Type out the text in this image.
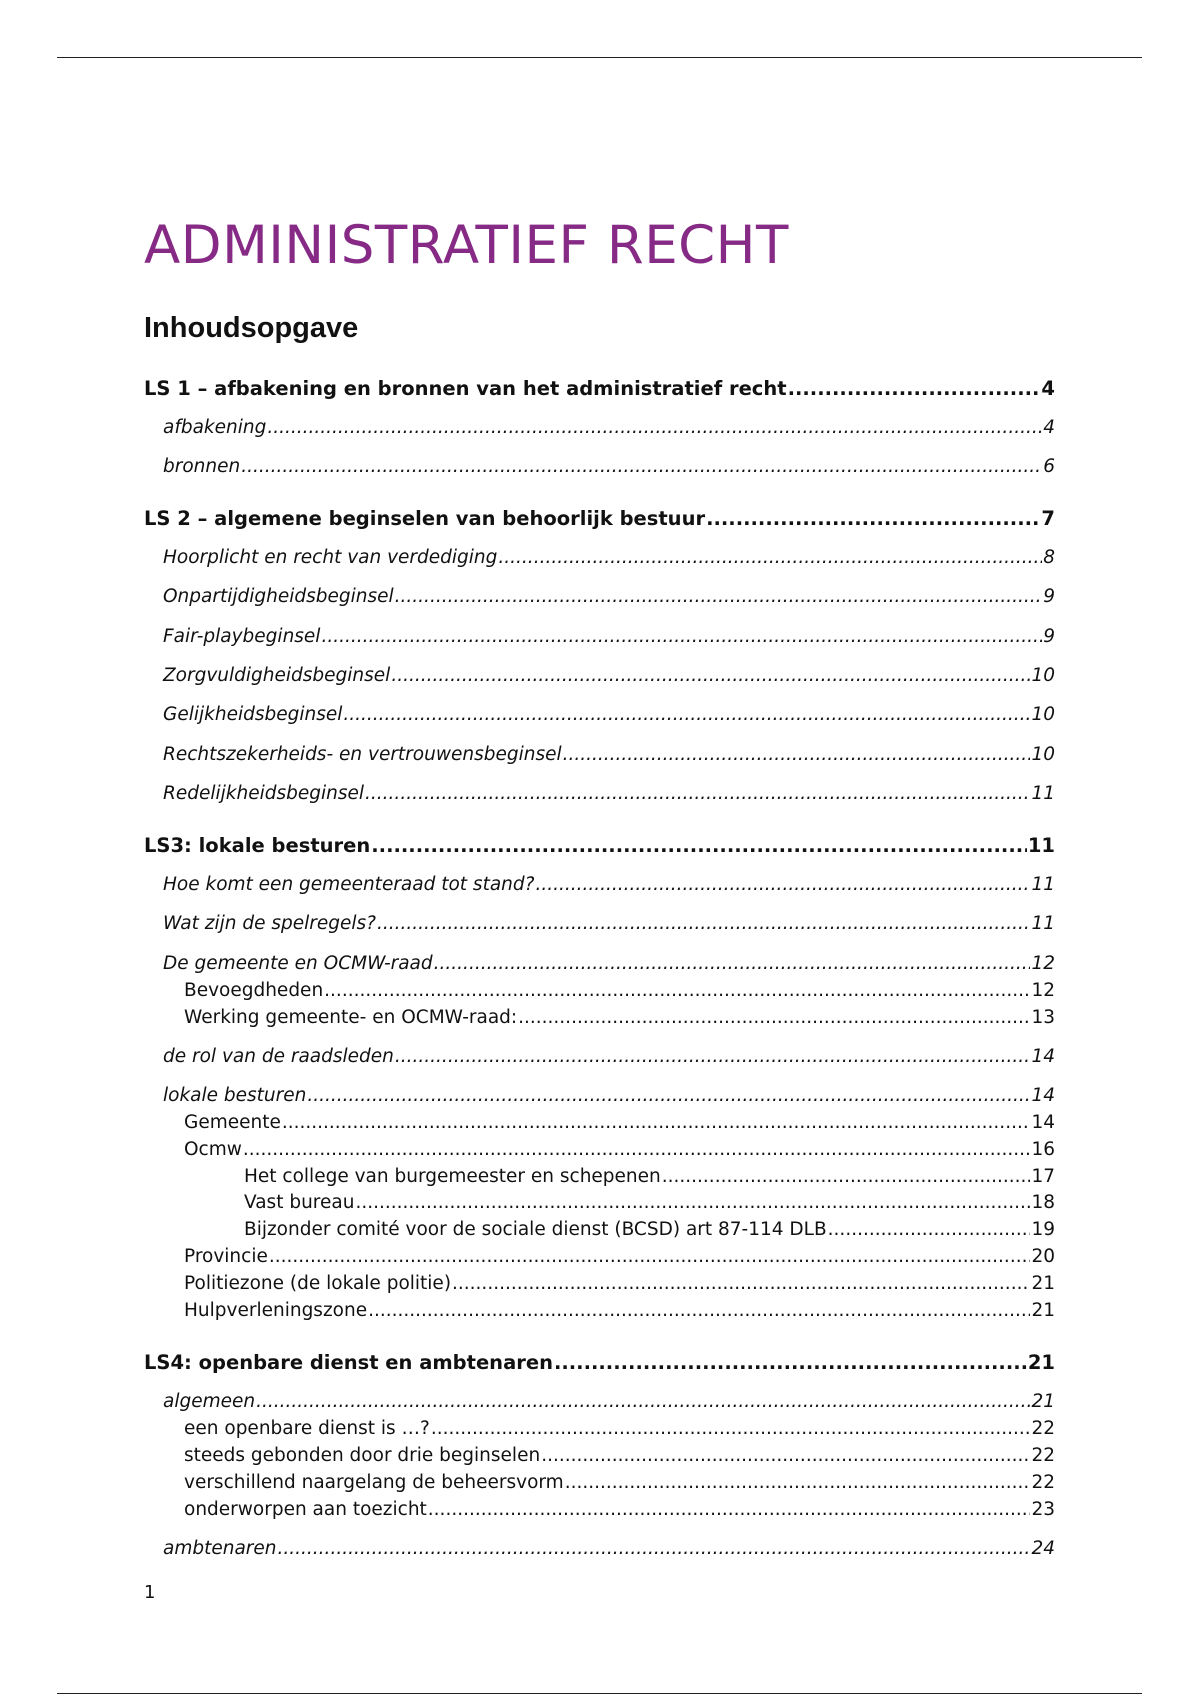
ADMINISTRATIEF RECHT
Inhoudsopgave
LS 1 – afbakening en bronnen van het administratief recht .....	4
afbakening .....	4
bronnen .....	6
LS 2 – algemene beginselen van behoorlijk bestuur .....	7
Hoorplicht en recht van verdediging .....	8
Onpartijdigheidsbeginsel .....	9
Fair-playbeginsel .....	9
Zorgvuldigheidsbeginsel .....	10
Gelijkheidsbeginsel .....	10
Rechtszekerheids- en vertrouwensbeginsel .....	10
Redelijkheidsbeginsel .....	11
LS3: lokale besturen .....	11
Hoe komt een gemeenteraad tot stand? .....	11
Wat zijn de spelregels? .....	11
De gemeente en OCMW-raad .....	12
Bevoegdheden .....	12
Werking gemeente- en OCMW-raad: .....	13
de rol van de raadsleden .....	14
lokale besturen .....	14
Gemeente .....	14
Ocmw .....	16
Het college van burgemeester en schepenen .....	17
Vast bureau .....	18
Bijzonder comité voor de sociale dienst (BCSD) art 87-114 DLB .....	19
Provincie .....	20
Politiezone (de lokale politie) .....	21
Hulpverleningszone .....	21
LS4: openbare dienst en ambtenaren .....	21
algemeen .....	21
een openbare dienst is …? .....	22
steeds gebonden door drie beginselen .....	22
verschillend naargelang de beheersvorm .....	22
onderworpen aan toezicht .....	23
ambtenaren .....	24
1
